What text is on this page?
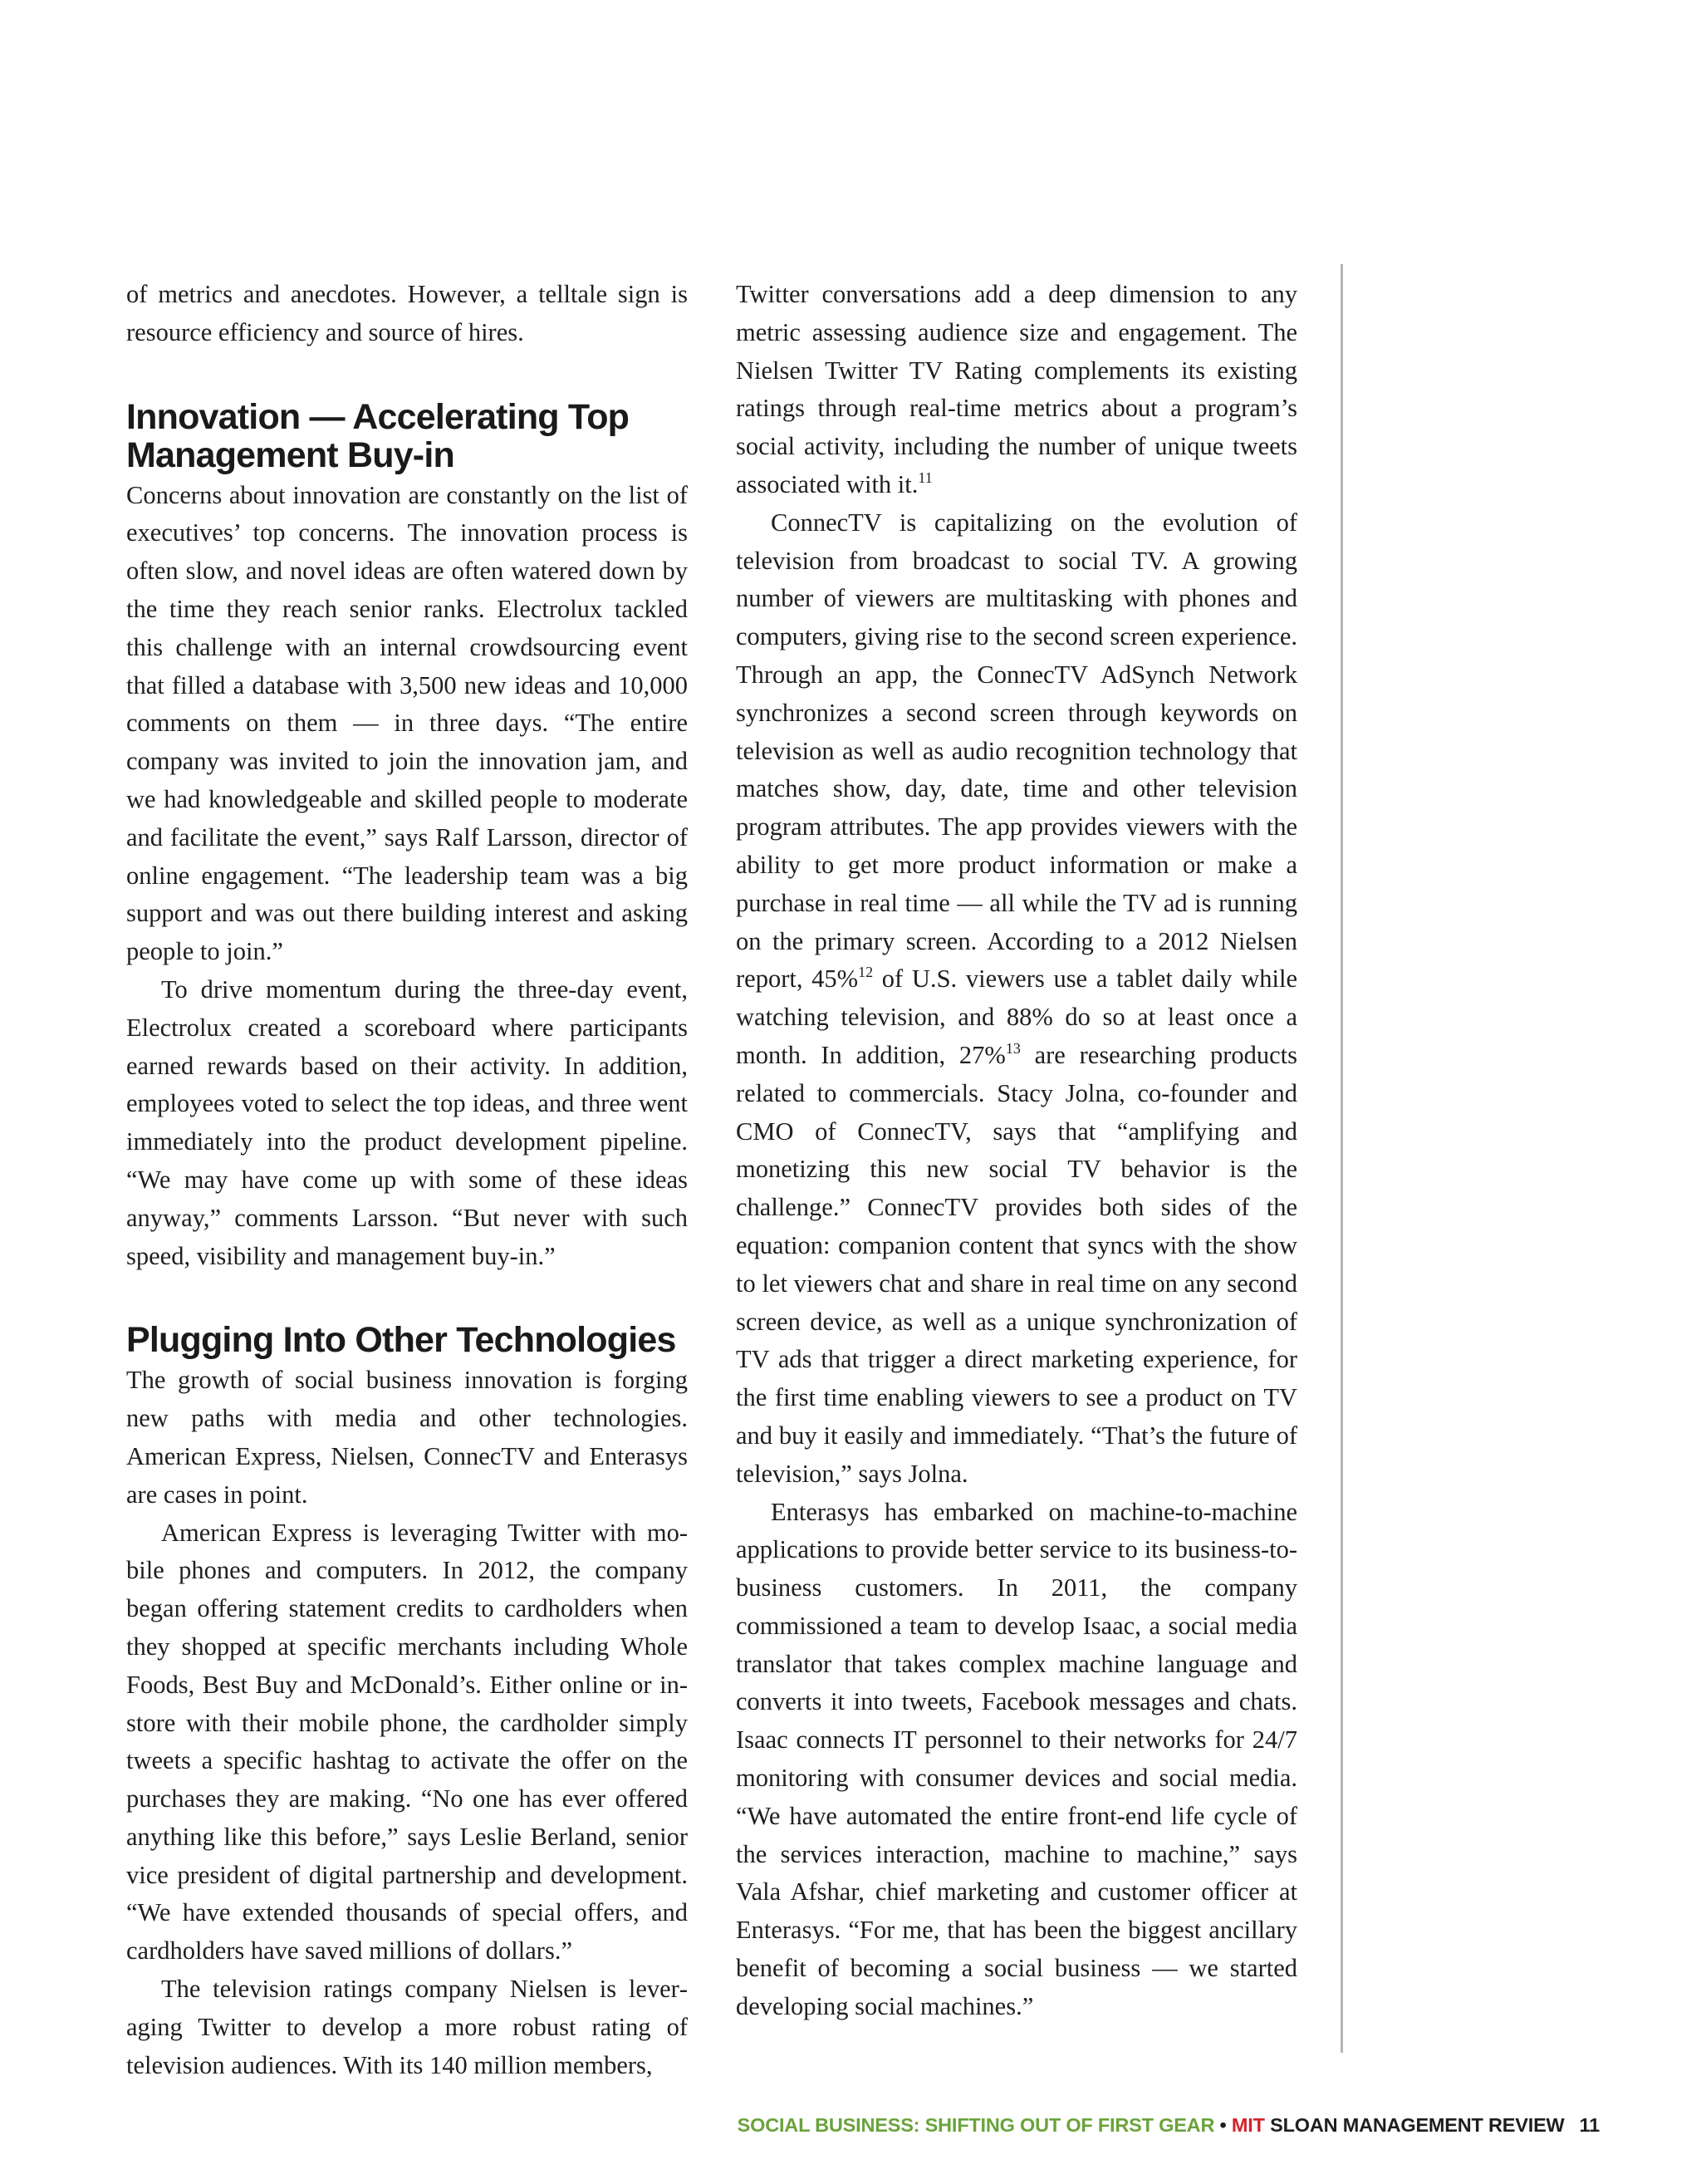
of metrics and anecdotes. However, a telltale sign is resource efficiency and source of hires.

Innovation — Accelerating Top Management Buy-in

Concerns about innovation are constantly on the list of executives’ top concerns. The innovation process is often slow, and novel ideas are often watered down by the time they reach senior ranks. Electrolux tackled this challenge with an internal crowdsourcing event that filled a database with 3,500 new ideas and 10,000 comments on them — in three days. “The entire company was invited to join the innovation jam, and we had knowledgeable and skilled people to moderate and facilitate the event,” says Ralf Larsson, director of online engagement. “The leadership team was a big support and was out there building interest and asking people to join.”

To drive momentum during the three-day event, Electrolux created a scoreboard where participants earned rewards based on their activity. In addition, employees voted to select the top ideas, and three went immediately into the product development pipeline. “We may have come up with some of these ideas anyway,” comments Larsson. “But never with such speed, visibility and management buy-in.”

Plugging Into Other Technologies

The growth of social business innovation is forging new paths with media and other technologies. American Express, Nielsen, ConnecTV and Enterasys are cases in point.

American Express is leveraging Twitter with mobile phones and computers. In 2012, the company began offering statement credits to cardholders when they shopped at specific merchants including Whole Foods, Best Buy and McDonald’s. Either online or in-store with their mobile phone, the cardholder simply tweets a specific hashtag to activate the offer on the purchases they are making. “No one has ever offered anything like this before,” says Leslie Berland, senior vice president of digital partnership and development. “We have extended thousands of special offers, and cardholders have saved millions of dollars.”

The television ratings company Nielsen is leveraging Twitter to develop a more robust rating of television audiences. With its 140 million members,

Twitter conversations add a deep dimension to any metric assessing audience size and engagement. The Nielsen Twitter TV Rating complements its existing ratings through real-time metrics about a program’s social activity, including the number of unique tweets associated with it.$^{11}$

ConnecTV is capitalizing on the evolution of television from broadcast to social TV. A growing number of viewers are multitasking with phones and computers, giving rise to the second screen experience. Through an app, the ConnecTV AdSynch Network synchronizes a second screen through keywords on television as well as audio recognition technology that matches show, day, date, time and other television program attributes. The app provides viewers with the ability to get more product information or make a purchase in real time — all while the TV ad is running on the primary screen. According to a 2012 Nielsen report, 45%$^{12}$ of U.S. viewers use a tablet daily while watching television, and 88% do so at least once a month. In addition, 27%$^{13}$ are researching products related to commercials. Stacy Jolna, co-founder and CMO of ConnecTV, says that “amplifying and monetizing this new social TV behavior is the challenge.” ConnecTV provides both sides of the equation: companion content that syncs with the show to let viewers chat and share in real time on any second screen device, as well as a unique synchronization of TV ads that trigger a direct marketing experience, for the first time enabling viewers to see a product on TV and buy it easily and immediately. “That’s the future of television,” says Jolna.

Enterasys has embarked on machine-to-machine applications to provide better service to its business-to-business customers. In 2011, the company commissioned a team to develop Isaac, a social media translator that takes complex machine language and converts it into tweets, Facebook messages and chats. Isaac connects IT personnel to their networks for 24/7 monitoring with consumer devices and social media. “We have automated the entire front-end life cycle of the services interaction, machine to machine,” says Vala Afshar, chief marketing and customer officer at Enterasys. “For me, that has been the biggest ancillary benefit of becoming a social business — we started developing social machines.”

SOCIAL BUSINESS: SHIFTING OUT OF FIRST GEAR • MIT SLOAN MANAGEMENT REVIEW 11
